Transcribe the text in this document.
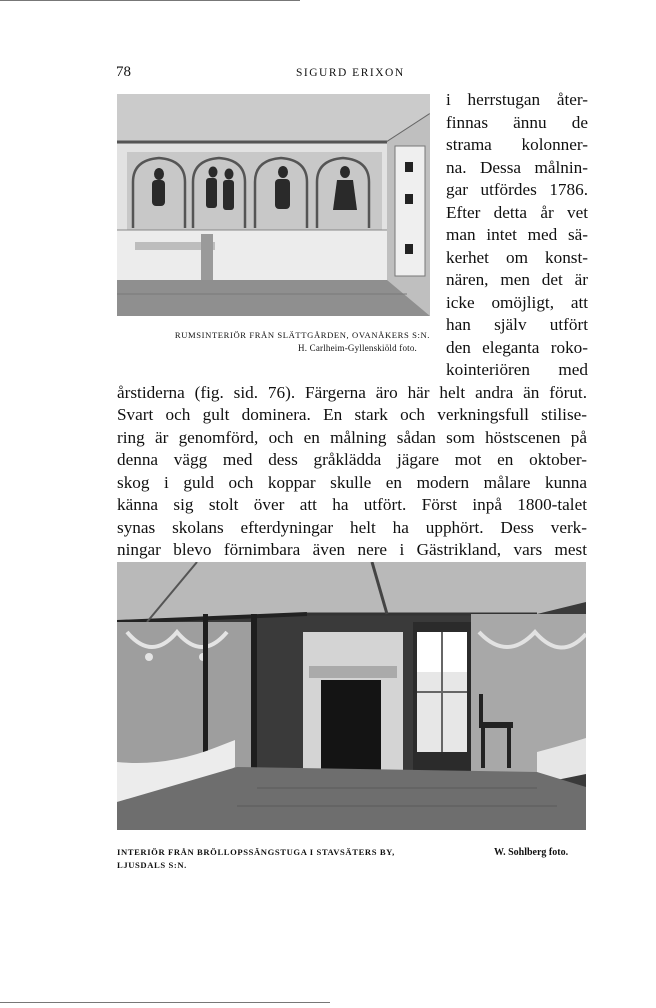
78	SIGURD ERIXON
RUMSINTERIÖR FRÅN SLÄTTGÅRDEN, OVANÅKERS S:N.
H. Carlheim-Gyllenskiöld foto.
i herrstugan åter-
finnas ännu de
strama kolonner-
na. Dessa målnin-
gar utfördes 1786.
Efter detta år vet
man intet med sä-
kerhet om konst-
nären, men det är
icke omöjligt, att
han själv utfört
den eleganta roko-
kointeriören med
årstiderna (fig. sid. 76). Färgerna äro här helt andra än förut.
Svart och gult dominera. En stark och verkningsfull stilise-
ring är genomförd, och en målning sådan som höstscenen på
denna vägg med dess gråklädda jägare mot en oktober-
skog i guld och koppar skulle en modern målare kunna
känna sig stolt över att ha utfört. Först inpå 1800-talet
synas skolans efterdyningar helt ha upphört. Dess verk-
ningar blevo förnimbara även nere i Gästrikland, vars mest
INTERIÖR FRÅN BRÖLLOPSSÄNGSTUGA I STAVSÄTERS BY,
LJUSDALS S:N.
W. Sohlberg foto.
